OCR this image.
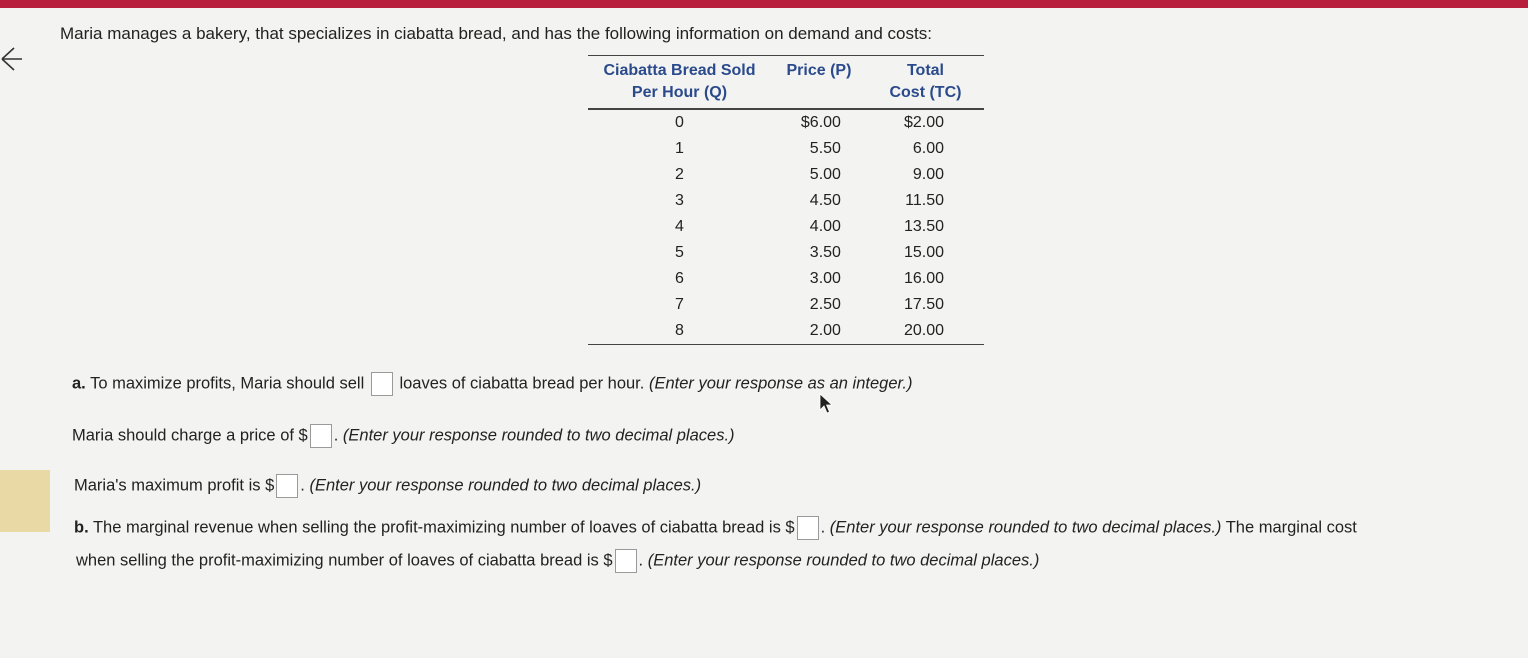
Maria manages a bakery, that specializes in ciabatta bread, and has the following information on demand and costs:
Ciabatta Bread Sold
Per Hour (Q)	Price (P)	Total
Cost (TC)
0	$6.00	$2.00
1	5.50	6.00
2	5.00	9.00
3	4.50	11.50
4	4.00	13.50
5	3.50	15.00
6	3.00	16.00
7	2.50	17.50
8	2.00	20.00
a. To maximize profits, Maria should sell loaves of ciabatta bread per hour. (Enter your response as an integer.)
Maria should charge a price of $ . (Enter your response rounded to two decimal places.)
Maria's maximum profit is $ . (Enter your response rounded to two decimal places.)
b. The marginal revenue when selling the profit-maximizing number of loaves of ciabatta bread is $ . (Enter your response rounded to two decimal places.) The marginal cost
when selling the profit-maximizing number of loaves of ciabatta bread is $ . (Enter your response rounded to two decimal places.)
